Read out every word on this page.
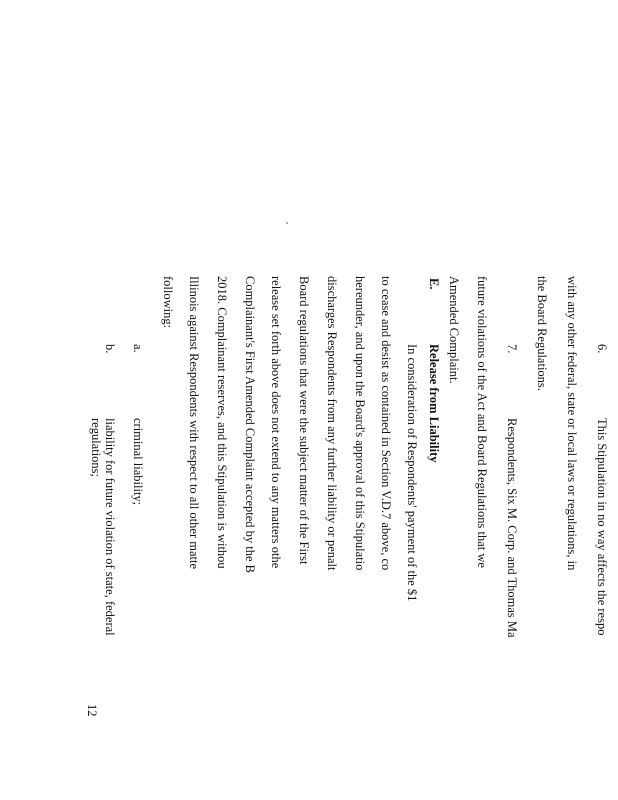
6.
This Stipulation in no way affects the respo
with any other federal, state or local laws or regulations, in
the Board Regulations.
7.
Respondents, Six M. Corp. and Thomas Ma
future violations of the Act and Board Regulations that we
Amended Complaint.
E.
Release from Liability
In consideration of Respondents' payment of the $1
to cease and desist as contained in Section V.D.7 above, co
hereunder, and upon the Board's approval of this Stipulatio
discharges Respondents from any further liability or penalt
Board regulations that were the subject matter of the First
release set forth above does not extend to any matters othe
Complainant's First Amended Complaint accepted by the B
2018. Complainant reserves, and this Stipulation is withou
Illinois against Respondents with respect to all other matte
following:
a.
criminal liability;
b.
liability for future violation of state, federal
regulations;
12
